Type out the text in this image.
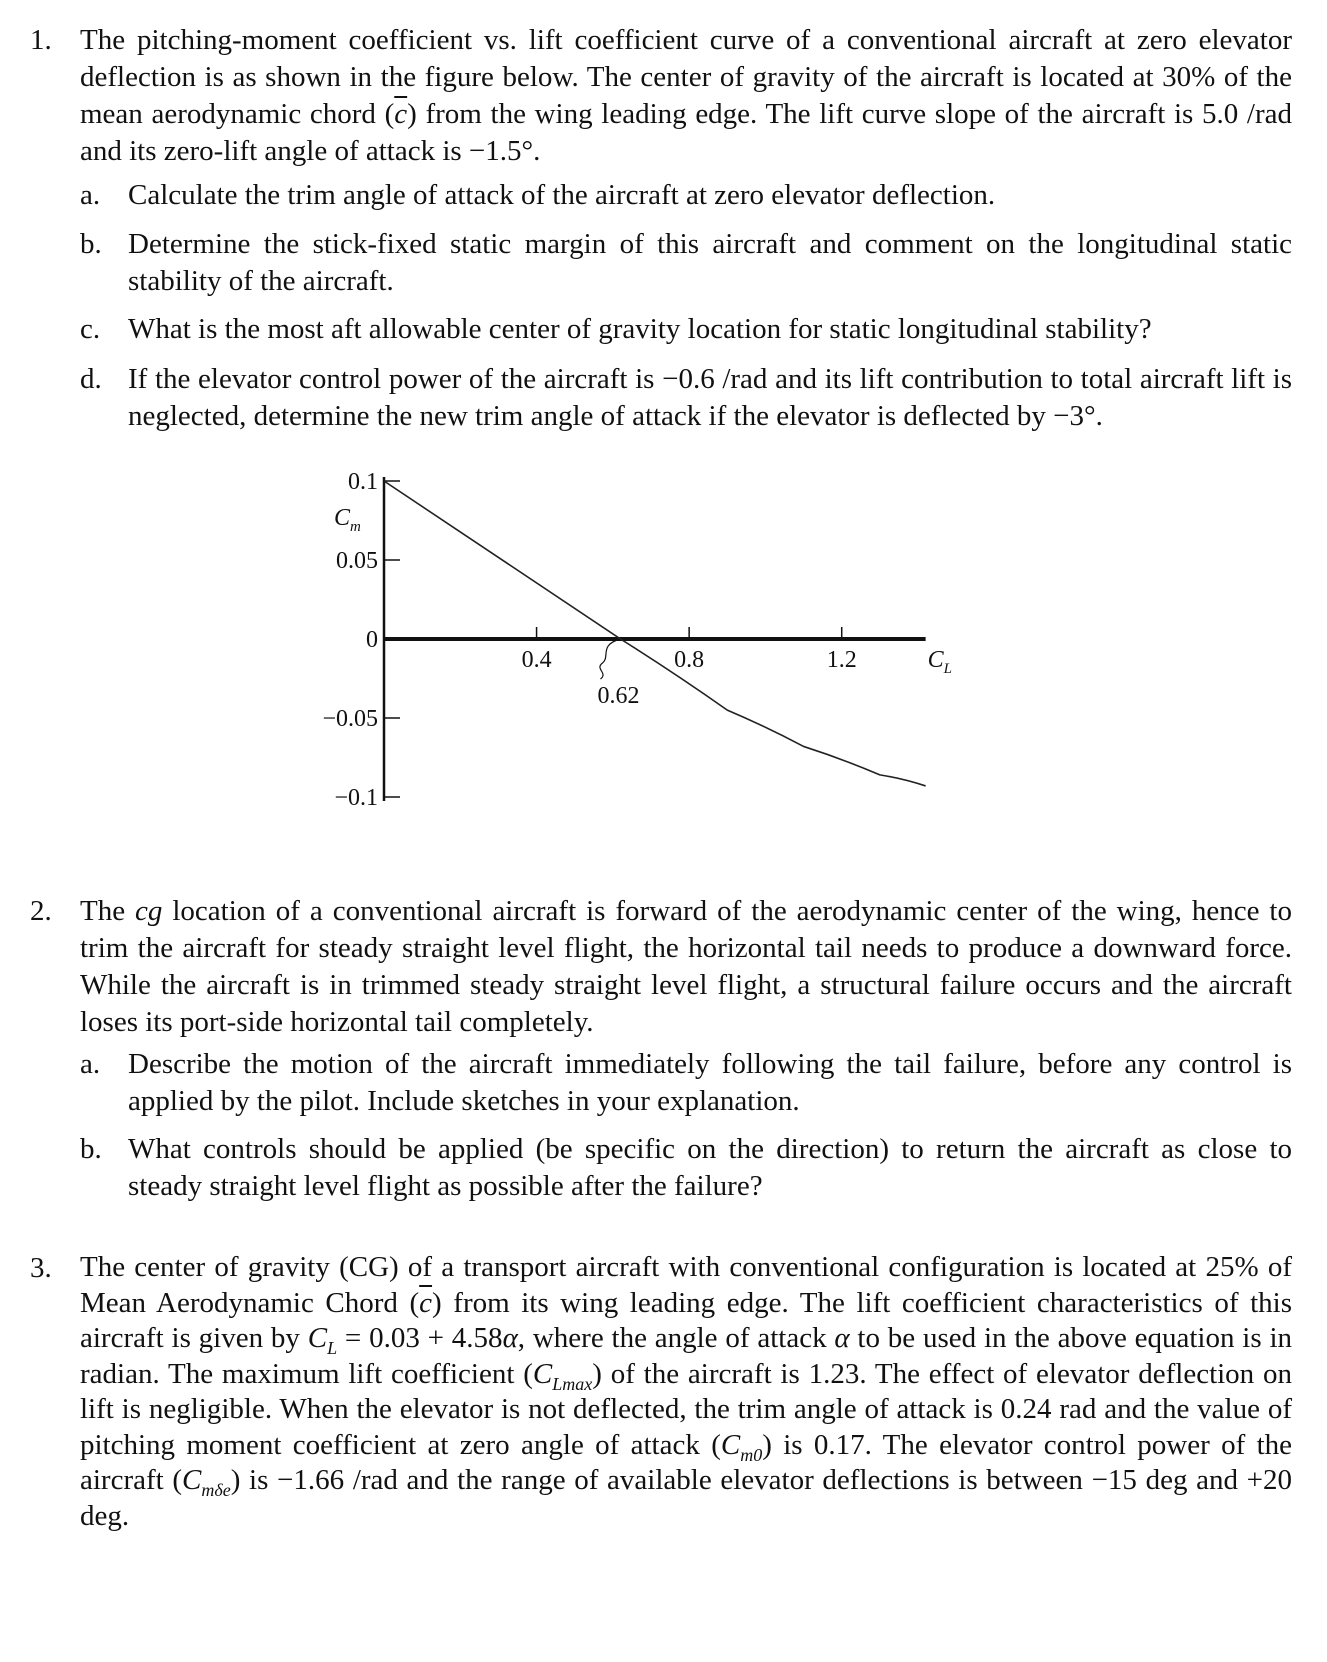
1. The pitching-moment coefficient vs. lift coefficient curve of a conventional aircraft at zero elevator deflection is as shown in the figure below. The center of gravity of the aircraft is located at 30% of the mean aerodynamic chord $(\overline{c})$ from the wing leading edge. The lift curve slope of the aircraft is 5.0 /rad and its zero-lift angle of attack is −1.5°.
a. Calculate the trim angle of attack of the aircraft at zero elevator deflection.
b. Determine the stick-fixed static margin of this aircraft and comment on the longitudinal static stability of the aircraft.
c. What is the most aft allowable center of gravity location for static longitudinal stability?
d. If the elevator control power of the aircraft is −0.6 /rad and its lift contribution to total aircraft lift is neglected, determine the new trim angle of attack if the elevator is deflected by −3°.
0.1
0.05
0
−0.05
−0.1
0.4	0.8	1.2
$C_m$
$C_L$
0.62
2. The cg location of a conventional aircraft is forward of the aerodynamic center of the wing, hence to trim the aircraft for steady straight level flight, the horizontal tail needs to produce a downward force. While the aircraft is in trimmed steady straight level flight, a structural failure occurs and the aircraft loses its port-side horizontal tail completely.
a. Describe the motion of the aircraft immediately following the tail failure, before any control is applied by the pilot. Include sketches in your explanation.
b. What controls should be applied (be specific on the direction) to return the aircraft as close to steady straight level flight as possible after the failure?
3. The center of gravity (CG) of a transport aircraft with conventional configuration is located at 25% of Mean Aerodynamic Chord $(\overline{c})$ from its wing leading edge. The lift coefficient characteristics of this aircraft is given by $C_L = 0.03 + 4.58\alpha$, where the angle of attack α to be used in the above equation is in radian. The maximum lift coefficient $(C_{Lmax})$ of the aircraft is 1.23. The effect of elevator deflection on lift is negligible. When the elevator is not deflected, the trim angle of attack is 0.24 rad and the value of pitching moment coefficient at zero angle of attack $(C_{m0})$ is 0.17. The elevator control power of the aircraft $(C_{m\delta e})$ is −1.66 /rad and the range of available elevator deflections is between −15 deg and +20 deg.
